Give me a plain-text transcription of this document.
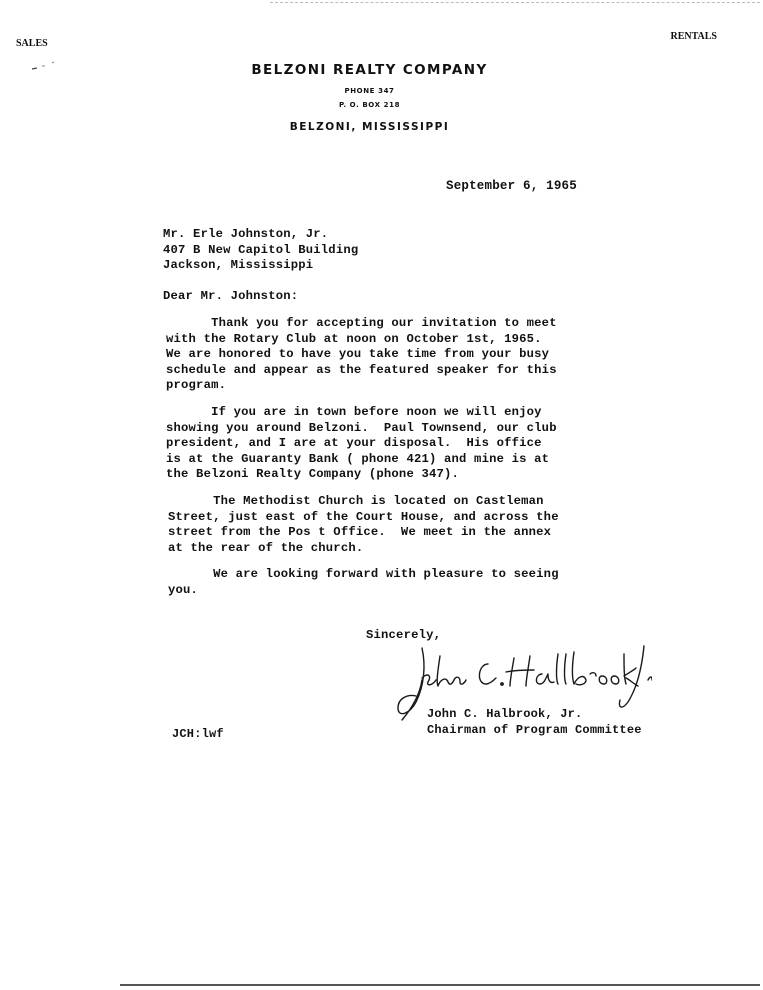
SALES
RENTALS
BELZONI REALTY COMPANY
PHONE 347
P. O. BOX 218
BELZONI, MISSISSIPPI
September 6, 1965
Mr. Erle Johnston, Jr.
407 B New Capitol Building
Jackson, Mississippi
Dear Mr. Johnston:
Thank you for accepting our invitation to meet
with the Rotary Club at noon on October 1st, 1965.
We are honored to have you take time from your busy
schedule and appear as the featured speaker for this
program.
If you are in town before noon we will enjoy
showing you around Belzoni.  Paul Townsend, our club
president, and I are at your disposal.  His office
is at the Guaranty Bank ( phone 421) and mine is at
the Belzoni Realty Company (phone 347).
The Methodist Church is located on Castleman
Street, just east of the Court House, and across the
street from the Pos t Office.  We meet in the annex
at the rear of the church.
We are looking forward with pleasure to seeing
you.
Sincerely,
John C. Halbrook, Jr.
Chairman of Program Committee
JCH:lwf
